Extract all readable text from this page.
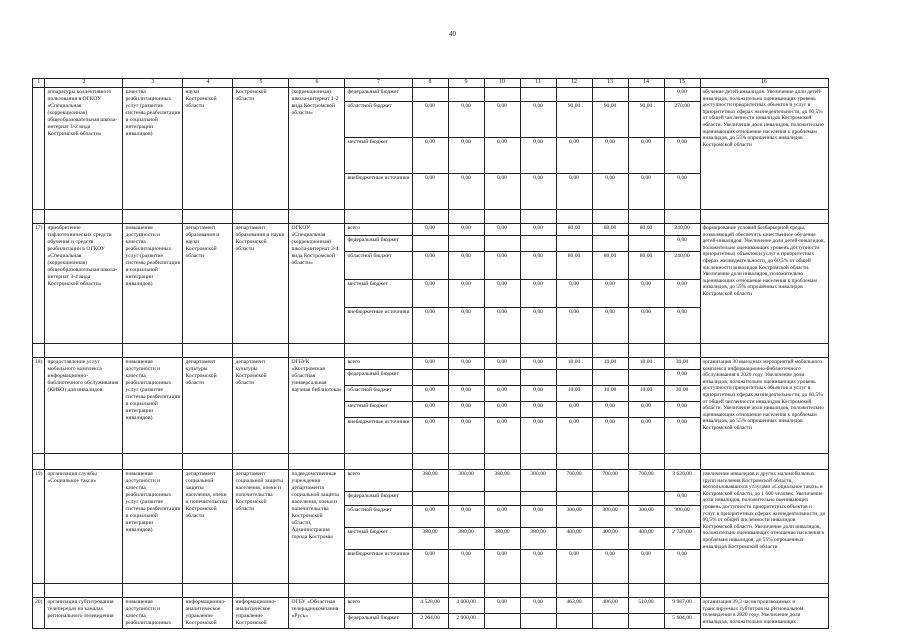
40
1	2	3	4	5	6	7	8	9	10	11	12	13	14	15	16
	аппаратуры коллективного пользования в ОГКОУ «Специальная (коррекционная) общеобразовательная школа-интернат 1-2 вида Костромской области»	качества реабилитационных услуг (развитие системы реабилитации и социальной интеграции инвалидов)	науки Костромской области	Костромской области	(коррекционная) школа-интернат 1-2 вида Костромской области»	федеральный бюджет								0,00	обучение детей-инвалидов. Увеличение доли детей-инвалидов, положительно оценивающих уровень доступности приоритетных объектов и услуг в приоритетных сферах жизнедеятельности, до 60,5% от общей численности инвалидов Костромской области. Увеличение доли инвалидов, положительно оценивающих отношение населения к проблемам инвалидов, до 55% опрошенных инвалидов Костромской области
						областной бюджет	0,00	0,00	0,00	0,00	90,00	90,00	90,00	270,00	
						местный бюджет	0,00	0,00	0,00	0,00	0,00	0,00	0,00	0,00	
						внебюджетные источники	0,00	0,00	0,00	0,00	0,00	0,00	0,00	0,00	

17)	приобретение тифлотехнических средств обучения и средств реабилитации в ОГКОУ «Специальная (коррекционная) общеобразовательная школа-интернат 3-4 вида Костромской области»	повышение доступности и качества реабилитационных услуг (развитие системы реабилитации и социальной интеграции инвалидов)	департамент образования и науки Костромской области	департамент образования и науки Костромской области	ОГКОУ «Специальная (коррекционная) школа-интернат 3-4 вида Костромской области»	всего	0,00	0,00	0,00	0,00	80,00	80,00	80,00	240,00	формирование условий безбарьерной среды, позволяющей обеспечить качественное обучение детей-инвалидов. Увеличение доли детей-инвалидов, положительно оценивающих уровень доступности приоритетных объектов и услуг в приоритетных сферах жизнедеятельности, до 60,5% от общей численности инвалидов Костромской области. Увеличение доли инвалидов, положительно оценивающих отношение населения к проблемам инвалидов, до 55% опрошенных инвалидов Костромской области
						федеральный бюджет								0,00	
						областной бюджет	0,00	0,00	0,00	0,00	80,00	80,00	80,00	240,00	
						местный бюджет	0,00	0,00	0,00	0,00	0,00	0,00	0,00	0,00	
						внебюджетные источники	0,00	0,00	0,00	0,00	0,00	0,00	0,00	0,00	

18)	предоставление услуг мобильного комплекса информационно-библиотечного обслуживания (КИБО) для инвалидов	повышение доступности и качества реабилитационных услуг (развитие системы реабилитации и социальной интеграции инвалидов)	департамент культуры Костромской области	департамент культуры Костромской области	ОГБУК «Костромская областная универсальная научная библиотека»	всего	0,00	0,00	0,00	0,00	10,00	10,00	10,00	30,00	организация 30 выездных мероприятий мобильного комплекса информационно-библиотечного обслуживания в 2020 году. Увеличение доли инвалидов, положительно оценивающих уровень доступности приоритетных объектов и услуг в приоритетных сферах жизнедеятельности, до 60,5% от общей численности инвалидов Костромской области. Увеличение доли инвалидов, положительно оценивающих отношение населения к проблемам инвалидов, до 55% опрошенных инвалидов Костромской области
						федеральный бюджет								0,00	
						областной бюджет	0,00	0,00	0,00	0,00	10,00	10,00	10,00	30,00	
						местный бюджет	0,00	0,00	0,00	0,00	0,00	0,00	0,00	0,00	
						внебюджетные источники	0,00	0,00	0,00	0,00	0,00	0,00	0,00	0,00	

19)	организация службы «Социальное такси»	повышение доступности и качества реабилитационных услуг (развитие системы реабилитации и социальной интеграции инвалидов)	департамент социальной защиты населения, опеки и попечительства Костромской области	департамент социальной защиты населения, опеки и попечительства Костромской области	подведомственные учреждения департамента социальной защиты населения, опеки и попечительства Костромской области, Администрация города Костромы	всего	380,00	380,00	380,00	380,00	700,00	700,00	700,00	3 620,00	увеличение инвалидов и других маломобильных групп населения Костромской области, воспользовавшихся услугами «Социальное такси» в Костромской области, до 1 600 человек. Увеличение доли инвалидов, положительно оценивающих уровень доступности приоритетных объектов и услуг в приоритетных сферах жизнедеятельности, до 60,5% от общей численности инвалидов Костромской области. Увеличение доли инвалидов, положительно оценивающих отношение населения к проблемам инвалидов, до 55% опрошенных инвалидов Костромской области
						федеральный бюджет								0,00	
						областной бюджет	0,00	0,00	0,00	0,00	300,00	300,00	300,00	900,00	
						местный бюджет	380,00	380,00	380,00	380,00	400,00	400,00	400,00	2 720,00	
						внебюджетные источники	0,00	0,00	0,00	0,00	0,00	0,00	0,00	0,00	

20)	организация субтитрования телепередач на каналах регионального телевидения	повышение доступности и качества реабилитационных	информационно-аналитическое управление Костромской	информационно-аналитическое управление Костромской	ОГБУ «Областная телерадиокомпания «Русь»	всего	4 528,00	4 000,00	0,00	0,00	463,00	486,00	510,00	9 987,00	организация 39,3 часов производимых и транслируемых субтитров на региональном телевидении в 2020 году. Увеличение доли инвалидов, положительно оценивающих
						федеральный бюджет	2 264,00	2 000,00						5 604,00	
